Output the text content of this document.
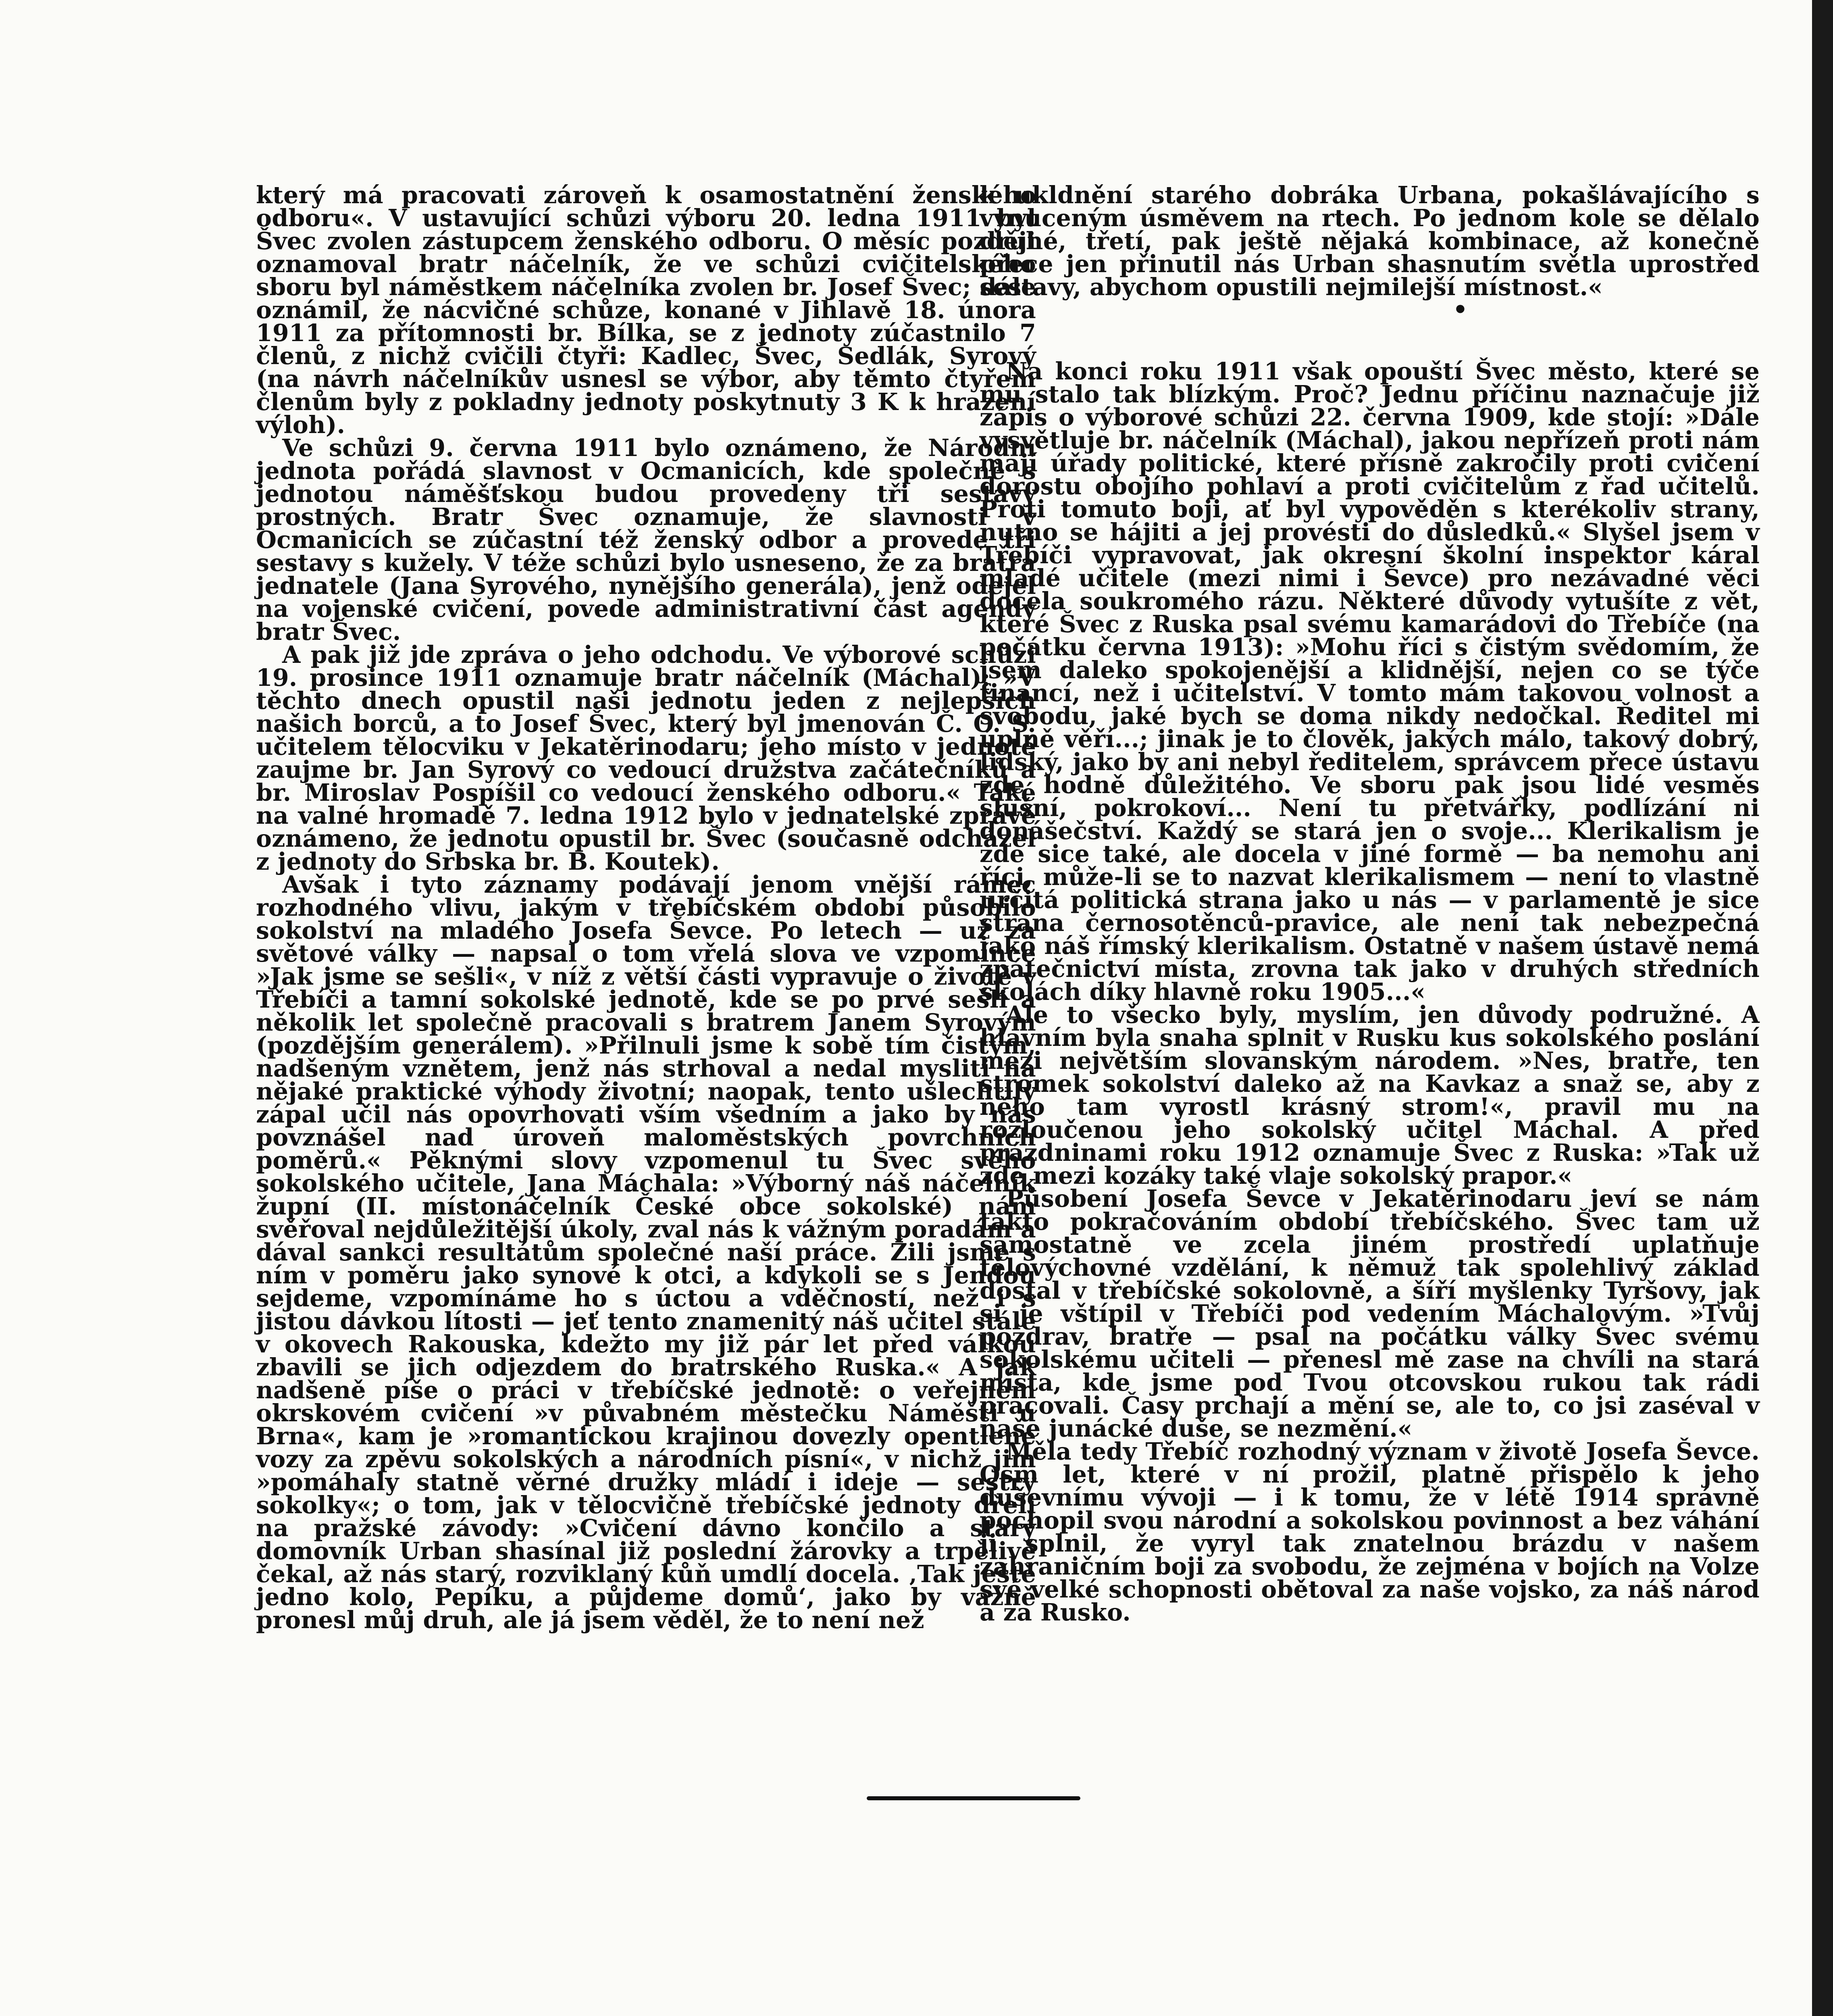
který má pracovati zároveň k osamostatnění ženského odboru«. V ustavující schůzi výboru 20. ledna 1911 byl Švec zvolen zástupcem ženského odboru. O měsíc později oznamoval bratr náčelník, že ve schůzi cvičitelského sboru byl náměstkem náčelníka zvolen br. Josef Švec; dále oznámil, že nácvičné schůze, konané v Jihlavě 18. února 1911 za přítomnosti br. Bílka, se z jednoty zúčastnilo 7 členů, z nichž cvičili čtyři: Kadlec, Švec, Sedlák, Syrový (na návrh náčelníkův usnesl se výbor, aby těmto čtyřem členům byly z pokladny jednoty poskytnuty 3 K k hrazení výloh).

Ve schůzi 9. června 1911 bylo oznámeno, že Národní jednota pořádá slavnost v Ocmanicích, kde společně s jednotou náměšťskou budou provedeny tři sestavy prostných. Bratr Švec oznamuje, že slavnosti v Ocmanicích se zúčastní též ženský odbor a provede tři sestavy s kužely. V téže schůzi bylo usneseno, že za bratra jednatele (Jana Syrového, nynějšího generála), jenž odejel na vojenské cvičení, povede administrativní část agendy bratr Švec.

A pak již jde zpráva o jeho odchodu. Ve výborové schůzi 19. prosince 1911 oznamuje bratr náčelník (Máchal): »V těchto dnech opustil naši jednotu jeden z nejlepších našich borců, a to Josef Švec, který byl jmenován Č. O. S. učitelem tělocviku v Jekatěrinodaru; jeho místo v jednotě zaujme br. Jan Syrový co vedoucí družstva začátečníků a br. Miroslav Pospíšil co vedoucí ženského odboru.« Také na valné hromadě 7. ledna 1912 bylo v jednatelské zprávě oznámeno, že jednotu opustil br. Švec (současně odcházel z jednoty do Srbska br. B. Koutek).

Avšak i tyto záznamy podávají jenom vnější rámec rozhodného vlivu, jakým v třebíčském období působilo sokolství na mladého Josefa Ševce. Po letech — už za světové války — napsal o tom vřelá slova ve vzpomínce »Jak jsme se sešli«, v níž z větší části vypravuje o životě v Třebíči a tamní sokolské jednotě, kde se po prvé sešli a několik let společně pracovali s bratrem Janem Syrovým (pozdějším generálem). »Přilnuli jsme k sobě tím čistým, nadšeným vznětem, jenž nás strhoval a nedal mysliti na nějaké praktické výhody životní; naopak, tento ušlechtilý zápal učil nás opovrhovati vším všedním a jako by nás povznášel nad úroveň maloměstských povrchních poměrů.« Pěknými slovy vzpomenul tu Švec svého sokolského učitele, Jana Máchala: »Výborný náš náčelník župní (II. místonáčelník České obce sokolské) nám svěřoval nejdůležitější úkoly, zval nás k vážným poradám a dával sankci resultátům společné naší práce. Žili jsme s ním v poměru jako synové k otci, a kdykoli se s Jendou sejdeme, vzpomínáme ho s úctou a vděčností, než i s jistou dávkou lítosti — jeť tento znamenitý náš učitel stále v okovech Rakouska, kdežto my již pár let před válkou zbavili se jich odjezdem do bratrského Ruska.« A jak nadšeně píše o práci v třebíčské jednotě: o veřejném okrskovém cvičení »v půvabném městečku Náměšti u Brna«, kam je »romantickou krajinou dovezly opentlené vozy za zpěvu sokolských a národních písní«, v nichž jim »pomáhaly statně věrné družky mládí i ideje — sestry sokolky«; o tom, jak v tělocvičně třebíčské jednoty dřeli na pražské závody: »Cvičení dávno končilo a starý domovník Urban shasínal již poslední žárovky a trpělivě čekal, až nás starý, rozviklaný kůň umdlí docela. ‚Tak ještě jedno kolo, Pepíku, a půjdeme domů‘, jako by vážně pronesl můj druh, ale já jsem věděl, že to není než

k ukldnění starého dobráka Urbana, pokašlávajícího s vynuceným úsměvem na rtech. Po jednom kole se dělalo druhé, třetí, pak ještě nějaká kombinace, až konečně přece jen přinutil nás Urban shasnutím světla uprostřed sestavy, abychom opustili nejmilejší místnost.«

•

Na konci roku 1911 však opouští Švec město, které se mu stalo tak blízkým. Proč? Jednu příčinu naznačuje již zápis o výborové schůzi 22. června 1909, kde stojí: »Dále vysvětluje br. náčelník (Máchal), jakou nepřízeň proti nám mají úřady politické, které přísně zakročily proti cvičení dorostu obojího pohlaví a proti cvičitelům z řad učitelů. Proti tomuto boji, ať byl vypověděn s kterékoliv strany, nutno se hájiti a jej provésti do důsledků.« Slyšel jsem v Třebíči vypravovat, jak okresní školní inspektor káral mladé učitele (mezi nimi i Ševce) pro nezávadné věci docela soukromého rázu. Některé důvody vytušíte z vět, které Švec z Ruska psal svému kamarádovi do Třebíče (na počátku června 1913): »Mohu říci s čistým svědomím, že jsem daleko spokojenější a klidnější, nejen co se týče financí, než i učitelství. V tomto mám takovou volnost a svobodu, jaké bych se doma nikdy nedočkal. Ředitel mi úplně věří...; jinak je to člověk, jakých málo, takový dobrý, lidský, jako by ani nebyl ředitelem, správcem přece ústavu zde hodně důležitého. Ve sboru pak jsou lidé vesměs slušní, pokrokoví... Není tu přetvářky, podlízání ni donášečství. Každý se stará jen o svoje... Klerikalism je zde sice také, ale docela v jiné formě — ba nemohu ani říci, může-li se to nazvat klerikalismem — není to vlastně určitá politická strana jako u nás — v parlamentě je sice strana černosotěnců-pravice, ale není tak nebezpečná jako náš římský klerikalism. Ostatně v našem ústavě nemá zpátečnictví místa, zrovna tak jako v druhých středních školách díky hlavně roku 1905...«

Ale to všecko byly, myslím, jen důvody podružné. A hlavním byla snaha splnit v Rusku kus sokolského poslání mezi největším slovanským národem. »Nes, bratře, ten stromek sokolství daleko až na Kavkaz a snaž se, aby z něho tam vyrostl krásný strom!«, pravil mu na rozloučenou jeho sokolský učitel Máchal. A před prázdninami roku 1912 oznamuje Švec z Ruska: »Tak už zde mezi kozáky také vlaje sokolský prapor.«

Působení Josefa Ševce v Jekatěrinodaru jeví se nám takto pokračováním období třebíčského. Švec tam už samostatně ve zcela jiném prostředí uplatňuje tělovýchovné vzdělání, k němuž tak spolehlivý základ dostal v třebíčské sokolovně, a šíří myšlenky Tyršovy, jak si je vštípil v Třebíči pod vedením Máchalovým. »Tvůj pozdrav, bratře — psal na počátku války Švec svému sokolskému učiteli — přenesl mě zase na chvíli na stará místa, kde jsme pod Tvou otcovskou rukou tak rádi pracovali. Časy prchají a mění se, ale to, co jsi zaséval v naše junácké duše, se nezmění.«

Měla tedy Třebíč rozhodný význam v životě Josefa Ševce. Osm let, které v ní prožil, platně přispělo k jeho duševnímu vývoji — i k tomu, že v létě 1914 správně pochopil svou národní a sokolskou povinnost a bez váhání ji splnil, že vyryl tak znatelnou brázdu v našem zahraničním boji za svobodu, že zejména v bojích na Volze své velké schopnosti obětoval za naše vojsko, za náš národ a za Rusko.
